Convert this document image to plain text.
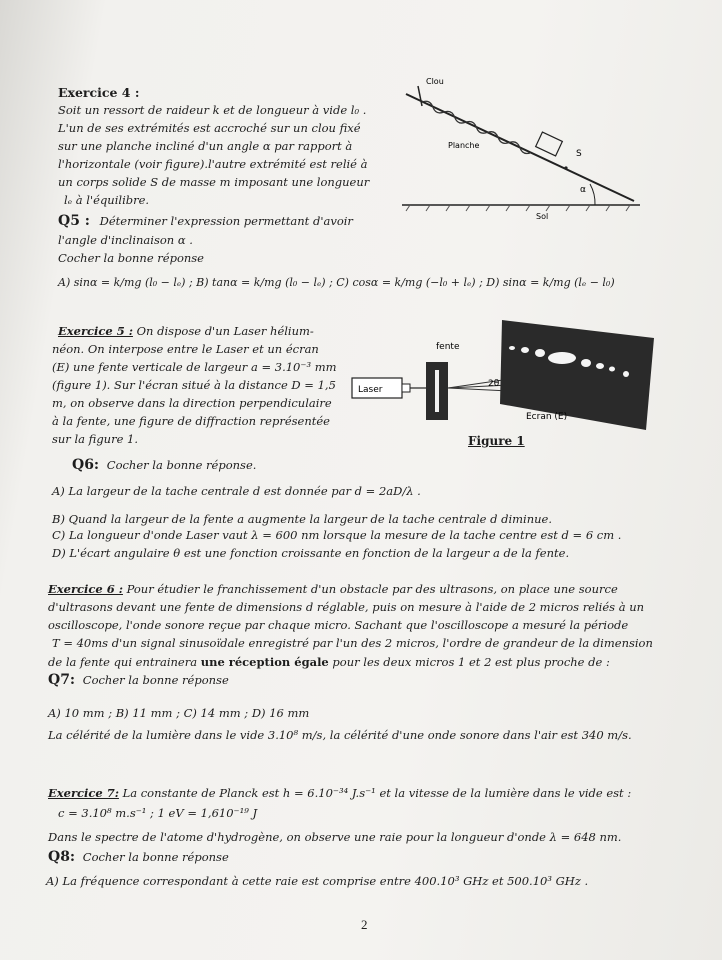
Exercice 4 :
Soit un ressort de raideur k et de longueur à vide l₀ .
L'un de ses extrémités est accroché sur un clou fixé
sur une planche incliné d'un angle α par rapport à
l'horizontale (voir figure).l'autre extrémité est relié à
un corps solide S de masse m imposant une longueur
lₑ à l'équilibre.
Clou
Planche
S
α
Sol
Q5 : Déterminer l'expression permettant d'avoir
l'angle d'inclinaison α .
Cocher la bonne réponse
A) sinα = k/mg (l₀ − lₑ) ; B) tanα = k/mg (l₀ − lₑ) ; C) cosα = k/mg (−l₀ + lₑ) ; D) sinα = k/mg (lₑ − l₀)
Exercice 5 : On dispose d'un Laser hélium-
néon. On interpose entre le Laser et un écran
(E) une fente verticale de largeur a = 3.10⁻³ mm
(figure 1). Sur l'écran situé à la distance D = 1,5
m, on observe dans la direction perpendiculaire
à la fente, une figure de diffraction représentée
sur la figure 1.
fente
Laser
2θ
Ecran (E)
Figure 1
Q6: Cocher la bonne réponse.
A) La largeur de la tache centrale d est donnée par d = 2aD/λ .
B) Quand la largeur de la fente a augmente la largeur de la tache centrale d diminue.
C) La longueur d'onde Laser vaut λ = 600 nm lorsque la mesure de la tache centre est d = 6 cm .
D) L'écart angulaire θ est une fonction croissante en fonction de la largeur a de la fente.
Exercice 6 : Pour étudier le franchissement d'un obstacle par des ultrasons, on place une source
d'ultrasons devant une fente de dimensions d réglable, puis on mesure à l'aide de 2 micros reliés à un
oscilloscope, l'onde sonore reçue par chaque micro. Sachant que l'oscilloscope a mesuré la période
T = 40ms d'un signal sinusoïdale enregistré par l'un des 2 micros, l'ordre de grandeur de la dimension
de la fente qui entrainera une réception égale pour les deux micros 1 et 2 est plus proche de :
Q7: Cocher la bonne réponse
A) 10 mm ; B) 11 mm ; C) 14 mm ; D) 16 mm
La célérité de la lumière dans le vide 3.10⁸ m/s, la célérité d'une onde sonore dans l'air est 340 m/s.
Exercice 7: La constante de Planck est h = 6.10⁻³⁴ J.s⁻¹ et la vitesse de la lumière dans le vide est :
c = 3.10⁸ m.s⁻¹ ; 1 eV = 1,610⁻¹⁹ J
Dans le spectre de l'atome d'hydrogène, on observe une raie pour la longueur d'onde λ = 648 nm.
Q8: Cocher la bonne réponse
A) La fréquence correspondant à cette raie est comprise entre 400.10³ GHz et 500.10³ GHz .
2
